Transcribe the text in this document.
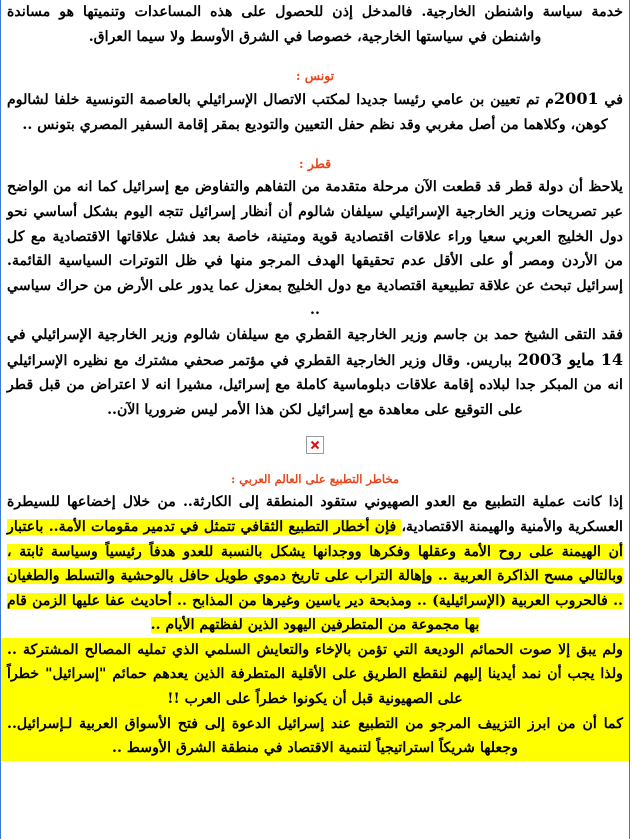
خدمة سياسة واشنطن الخارجية. فالمدخل إذن للحصول على هذه المساعدات وتنميتها هو مساندة واشنطن في سياستها الخارجية، خصوصا في الشرق الأوسط ولا سيما العراق.

تونس :

في 2001م تم تعيين بن عامي رئيسا جديدا لمكتب الاتصال الإسرائيلي بالعاصمة التونسية خلفا لشالوم كوهن، وكلاهما من أصل مغربي وقد نظم حفل التعيين والتوديع بمقر إقامة السفير المصري بتونس ..

قطر :

يلاحظ أن دولة قطر قد قطعت الآن مرحلة متقدمة من التفاهم والتفاوض مع إسرائيل كما انه من الواضح عبر تصريحات وزير الخارجية الإسرائيلي سيلفان شالوم أن أنظار إسرائيل تتجه اليوم بشكل أساسي نحو دول الخليج العربي سعيا وراء علاقات اقتصادية قوية ومتينة، خاصة بعد فشل علاقاتها الاقتصادية مع كل من الأردن ومصر أو على الأقل عدم تحقيقها الهدف المرجو منها في ظل التوترات السياسية القائمة. إسرائيل تبحث عن علاقة تطبيعية اقتصادية مع دول الخليج بمعزل عما يدور على الأرض من حراك سياسي ..

فقد التقى الشيخ حمد بن جاسم وزير الخارجية القطري مع سيلفان شالوم وزير الخارجية الإسرائيلي في 14 مايو 2003 بباريس. وقال وزير الخارجية القطري في مؤتمر صحفي مشترك مع نظيره الإسرائيلي انه من المبكر جدا لبلاده إقامة علاقات دبلوماسية كاملة مع إسرائيل، مشيرا انه لا اعتراض من قبل قطر على التوقيع على معاهدة مع إسرائيل لكن هذا الأمر ليس ضروريا الآن..

مخاطر التطبيع على العالم العربي :

إذا كانت عملية التطبيع مع العدو الصهيوني ستقود المنطقة إلى الكارثة.. من خلال إخضاعها للسيطرة العسكرية والأمنية والهيمنة الاقتصادية، فإن أخطار التطبيع الثقافي تتمثل في تدمير مقومات الأمة.. باعتبار أن الهيمنة على روح الأمة وعقلها وفكرها ووجدانها يشكل بالنسبة للعدو هدفاً رئيسياً وسياسة ثابتة ، وبالتالي مسح الذاكرة العربية .. وإهالة التراب على تاريخ دموي طويل حافل بالوحشية والتسلط والطغيان .. فالحروب العربية (الإسرائيلية) .. ومذبحة دير ياسين وغيرها من المذابح .. أحاديث عفا عليها الزمن قام بها مجموعة من المتطرفين اليهود الذين لفظتهم الأيام ..

ولم يبق إلا صوت الحمائم الوديعة التي تؤمن بالإخاء والتعايش السلمي الذي تمليه المصالح المشتركة .. ولذا يجب أن نمد أيدينا إليهم لنقطع الطريق على الأقلية المتطرفة الذين يعدهم حمائم "إسرائيل" خطراً على الصهيونية قبل أن يكونوا خطراً على العرب !!

كما أن من ابرز التزييف المرجو من التطبيع عند إسرائيل الدعوة إلى فتح الأسواق العربية لـإسرائيل.. وجعلها شريكاً استراتيجياً لتنمية الاقتصاد في منطقة الشرق الأوسط ..
